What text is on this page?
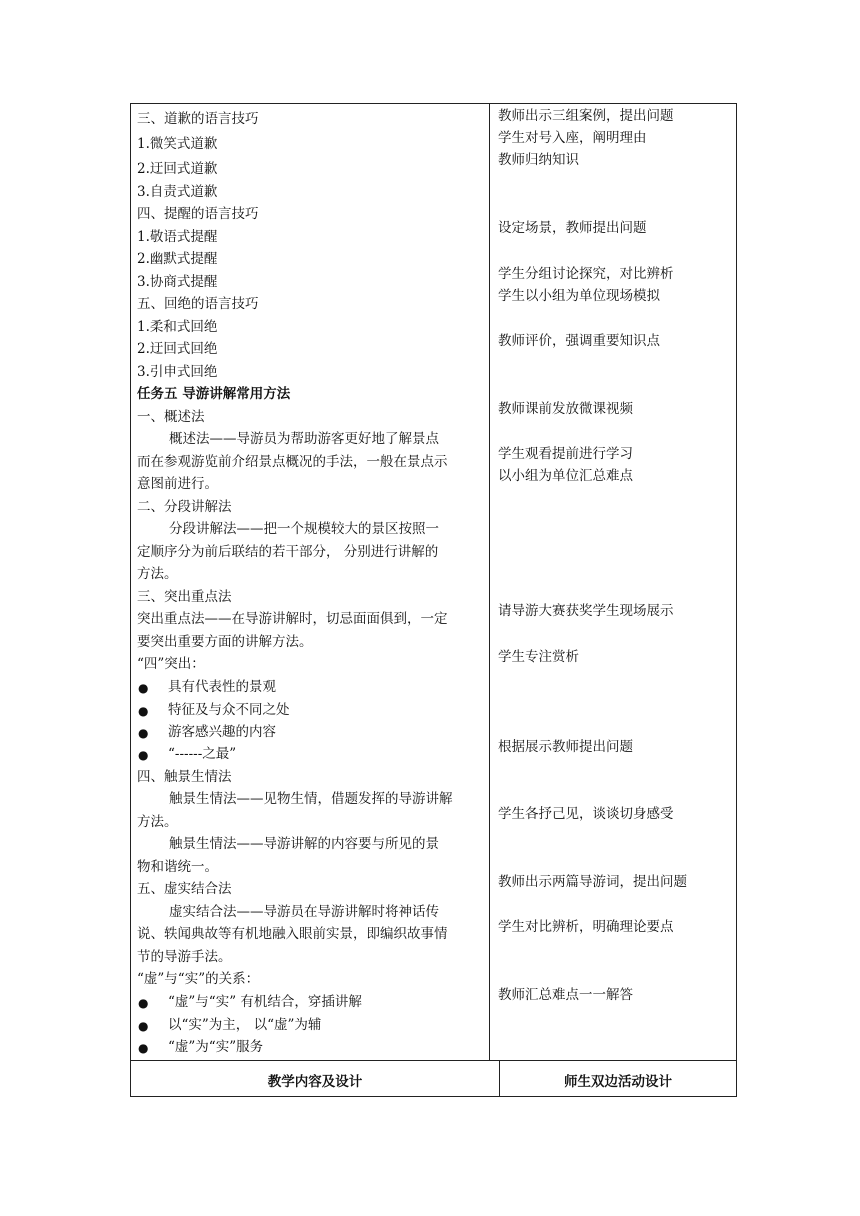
三、道歉的语言技巧
1.微笑式道歉
2.迂回式道歉
3.自责式道歉
四、提醒的语言技巧
1.敬语式提醒
2.幽默式提醒
3.协商式提醒
五、回绝的语言技巧
1.柔和式回绝
2.迂回式回绝
3.引申式回绝
任务五 导游讲解常用方法
一、概述法
概述法——导游员为帮助游客更好地了解景点
而在参观游览前介绍景点概况的手法，一般在景点示
意图前进行。
二、分段讲解法
分段讲解法——把一个规模较大的景区按照一
定顺序分为前后联结的若干部分， 分别进行讲解的
方法。
三、突出重点法
突出重点法——在导游讲解时，切忌面面俱到，一定
要突出重要方面的讲解方法。
“四”突出：
● 具有代表性的景观
● 特征及与众不同之处
● 游客感兴趣的内容
● “------之最”
四、触景生情法
触景生情法——见物生情，借题发挥的导游讲解
方法。
触景生情法——导游讲解的内容要与所见的景
物和谐统一。
五、虚实结合法
虚实结合法——导游员在导游讲解时将神话传
说、轶闻典故等有机地融入眼前实景，即编织故事情
节的导游手法。
“虚”与“实”的关系：
● “虚”与“实” 有机结合，穿插讲解
● 以“实”为主， 以“虚”为辅
● “虚”为“实”服务
教师出示三组案例，提出问题
学生对号入座，阐明理由
教师归纳知识
设定场景，教师提出问题
学生分组讨论探究，对比辨析
学生以小组为单位现场模拟
教师评价，强调重要知识点
教师课前发放微课视频
学生观看提前进行学习
以小组为单位汇总难点
请导游大赛获奖学生现场展示
学生专注赏析
根据展示教师提出问题
学生各抒己见，谈谈切身感受
教师出示两篇导游词，提出问题
学生对比辨析，明确理论要点
教师汇总难点一一解答
教学内容及设计	师生双边活动设计
